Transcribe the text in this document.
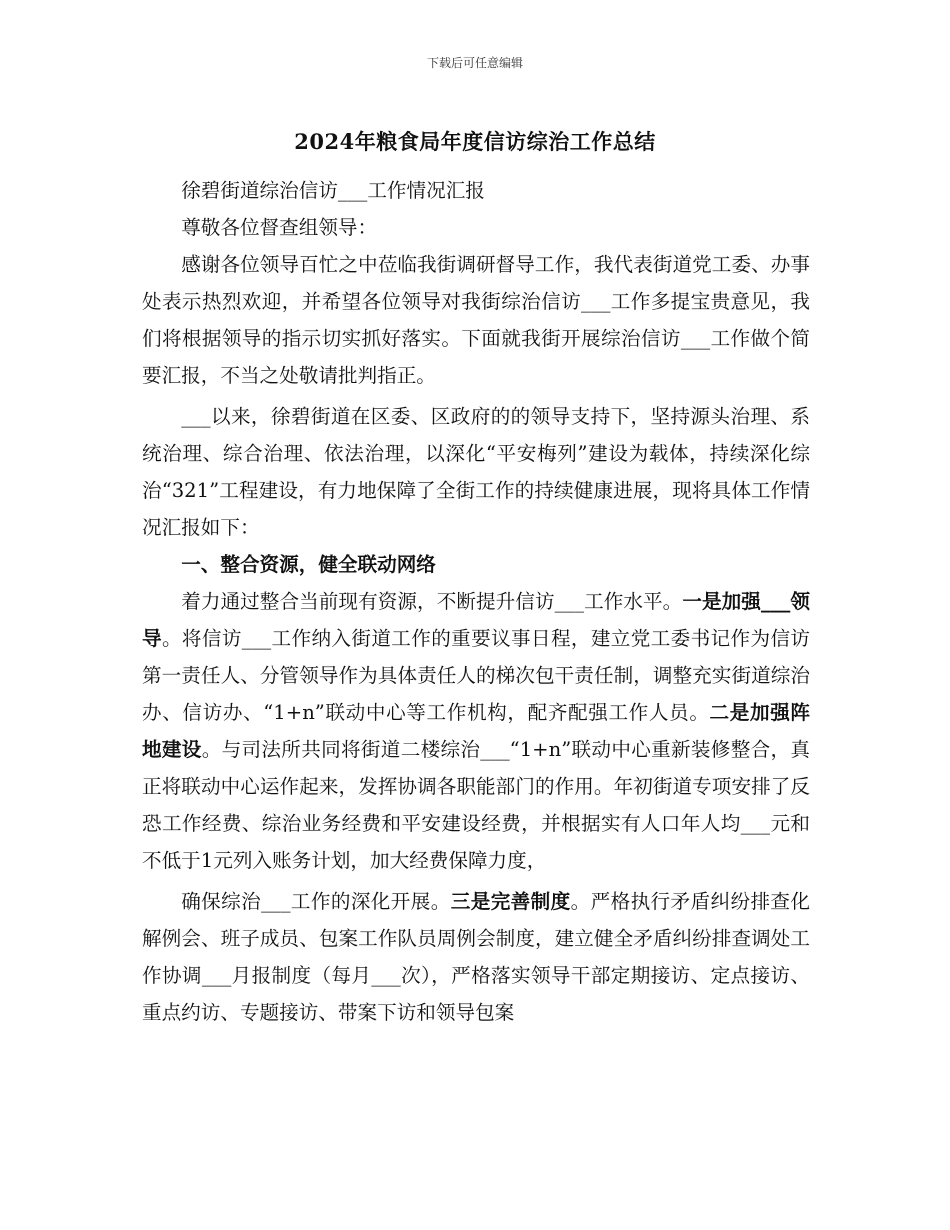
下载后可任意编辑
2024年粮食局年度信访综治工作总结

徐碧街道综治信访___工作情况汇报

尊敬各位督查组领导：

感谢各位领导百忙之中莅临我街调研督导工作，我代表街道党工委、办事处表示热烈欢迎，并希望各位领导对我街综治信访___工作多提宝贵意见，我们将根据领导的指示切实抓好落实。下面就我街开展综治信访___工作做个简要汇报，不当之处敬请批判指正。

___以来，徐碧街道在区委、区政府的的领导支持下，坚持源头治理、系统治理、综合治理、依法治理，以深化“平安梅列”建设为载体，持续深化综治“321”工程建设，有力地保障了全街工作的持续健康进展，现将具体工作情况汇报如下：

一、整合资源，健全联动网络

着力通过整合当前现有资源，不断提升信访___工作水平。一是加强___领导。将信访___工作纳入街道工作的重要议事日程，建立党工委书记作为信访第一责任人、分管领导作为具体责任人的梯次包干责任制，调整充实街道综治办、信访办、“1+n”联动中心等工作机构，配齐配强工作人员。二是加强阵地建设。与司法所共同将街道二楼综治___“1+n”联动中心重新装修整合，真正将联动中心运作起来，发挥协调各职能部门的作用。年初街道专项安排了反恐工作经费、综治业务经费和平安建设经费，并根据实有人口年人均___元和不低于1元列入账务计划，加大经费保障力度，

确保综治___工作的深化开展。三是完善制度。严格执行矛盾纠纷排查化解例会、班子成员、包案工作队员周例会制度，建立健全矛盾纠纷排查调处工作协调___月报制度（每月___次），严格落实领导干部定期接访、定点接访、重点约访、专题接访、带案下访和领导包案
